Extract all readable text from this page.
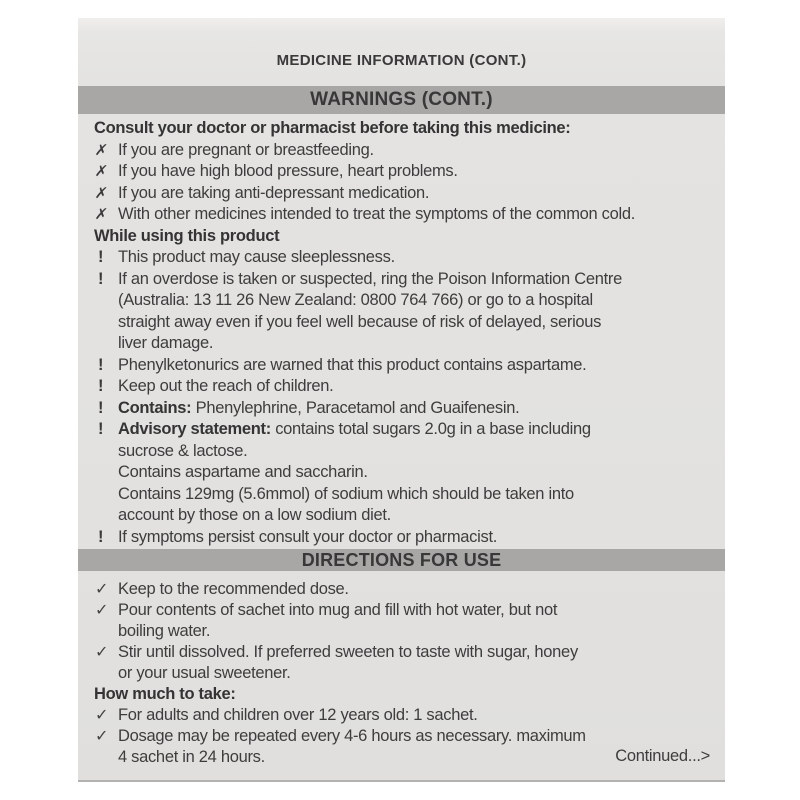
MEDICINE INFORMATION (CONT.)
WARNINGS (CONT.)
Consult your doctor or pharmacist before taking this medicine:
✗ If you are pregnant or breastfeeding.
✗ If you have high blood pressure, heart problems.
✗ If you are taking anti-depressant medication.
✗ With other medicines intended to treat the symptoms of the common cold.
While using this product
! This product may cause sleeplessness.
! If an overdose is taken or suspected, ring the Poison Information Centre
(Australia: 13 11 26 New Zealand: 0800 764 766) or go to a hospital
straight away even if you feel well because of risk of delayed, serious
liver damage.
! Phenylketonurics are warned that this product contains aspartame.
! Keep out the reach of children.
! Contains: Phenylephrine, Paracetamol and Guaifenesin.
! Advisory statement: contains total sugars 2.0g in a base including
sucrose & lactose.
Contains aspartame and saccharin.
Contains 129mg (5.6mmol) of sodium which should be taken into
account by those on a low sodium diet.
! If symptoms persist consult your doctor or pharmacist.
DIRECTIONS FOR USE
✓ Keep to the recommended dose.
✓ Pour contents of sachet into mug and fill with hot water, but not
boiling water.
✓ Stir until dissolved. If preferred sweeten to taste with sugar, honey
or your usual sweetener.
How much to take:
✓ For adults and children over 12 years old: 1 sachet.
✓ Dosage may be repeated every 4-6 hours as necessary. maximum
4 sachet in 24 hours.	Continued...>
